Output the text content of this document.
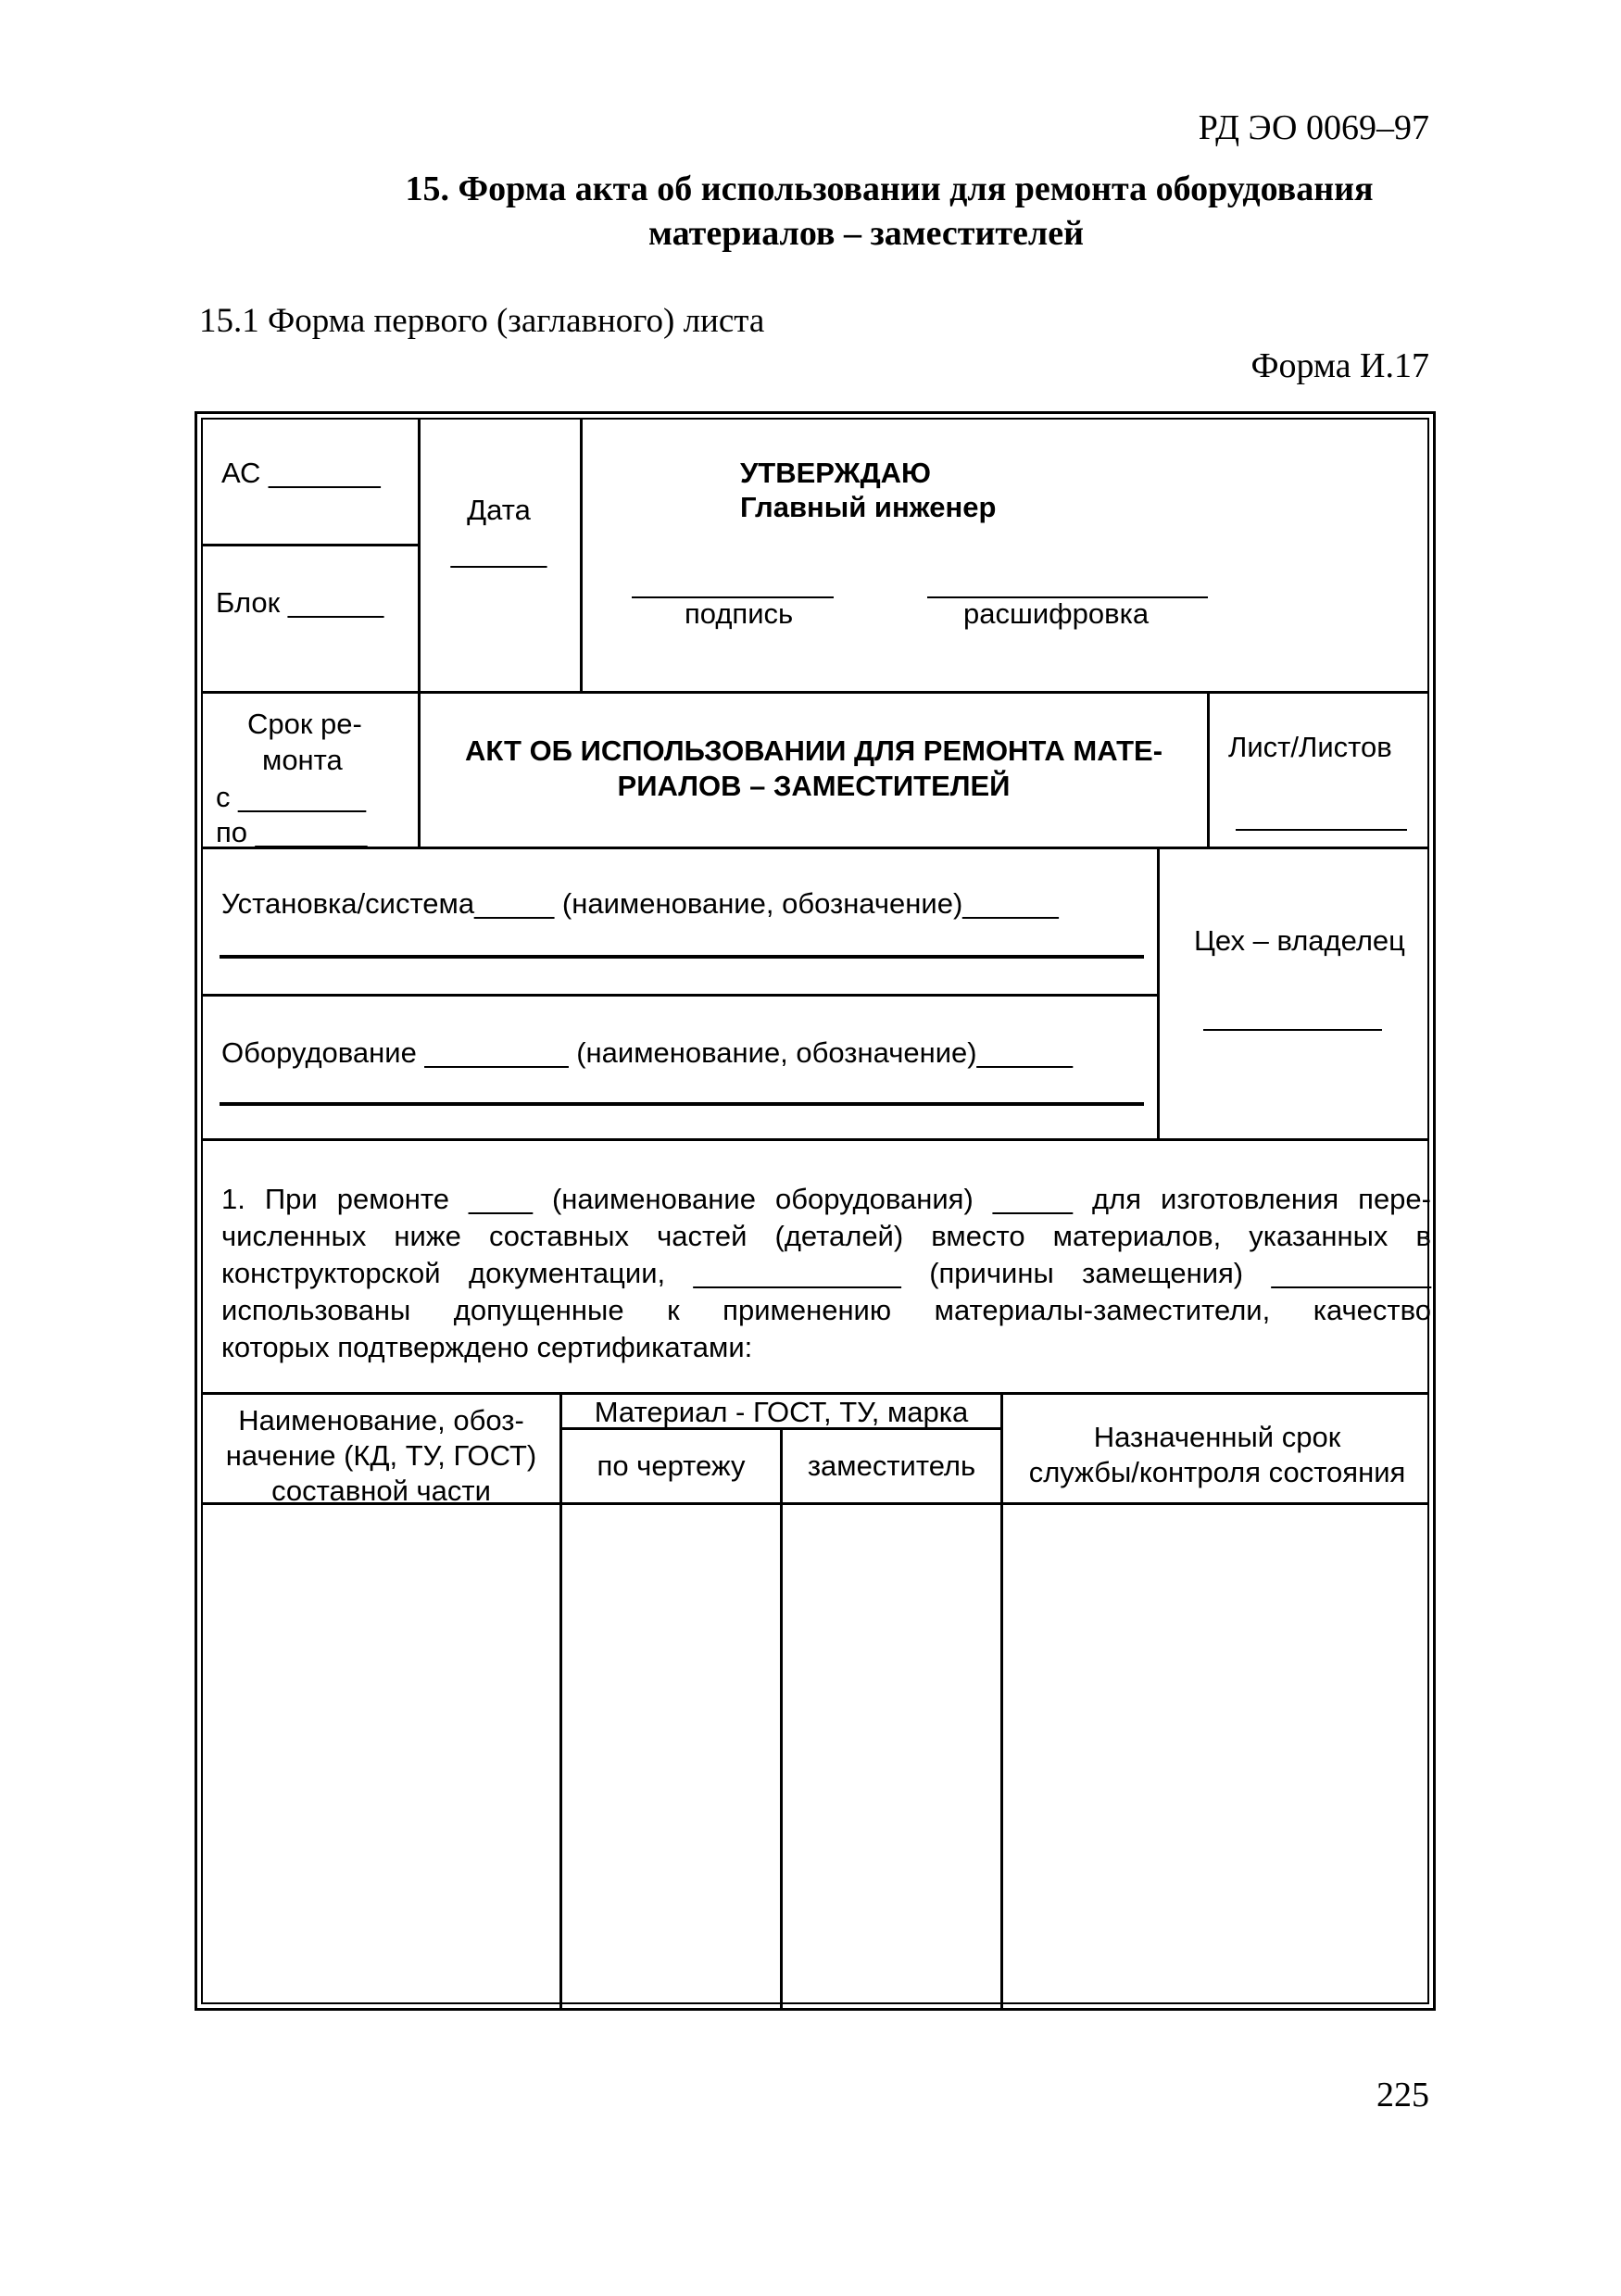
РД ЭО 0069–97
15. Форма акта об использовании для ремонта оборудования
материалов – заместителей
15.1 Форма первого (заглавного) листа
Форма И.17
АС _______
Блок ______
Дата
______
УТВЕРЖДАЮ
Главный инженер
подпись	расшифровка
Срок ре-
монта
с ________
по _______
АКТ ОБ ИСПОЛЬЗОВАНИИ ДЛЯ РЕМОНТА МАТЕ-
РИАЛОВ – ЗАМЕСТИТЕЛЕЙ
Лист/Листов
Установка/система_____ (наименование, обозначение)______
Оборудование _________ (наименование, обозначение)______
Цех – владелец
1. При ремонте ____ (наименование оборудования) _____ для изготовления пере-
численных ниже составных частей (деталей) вместо материалов, указанных в
конструкторской документации, _____________ (причины замещения) __________
использованы допущенные к применению материалы-заместители, качество
которых подтверждено сертификатами:
Наименование, обоз-
начение (КД, ТУ, ГОСТ)
составной части
Материал - ГОСТ, ТУ, марка
по чертежу	заместитель
Назначенный срок
службы/контроля состояния
225
